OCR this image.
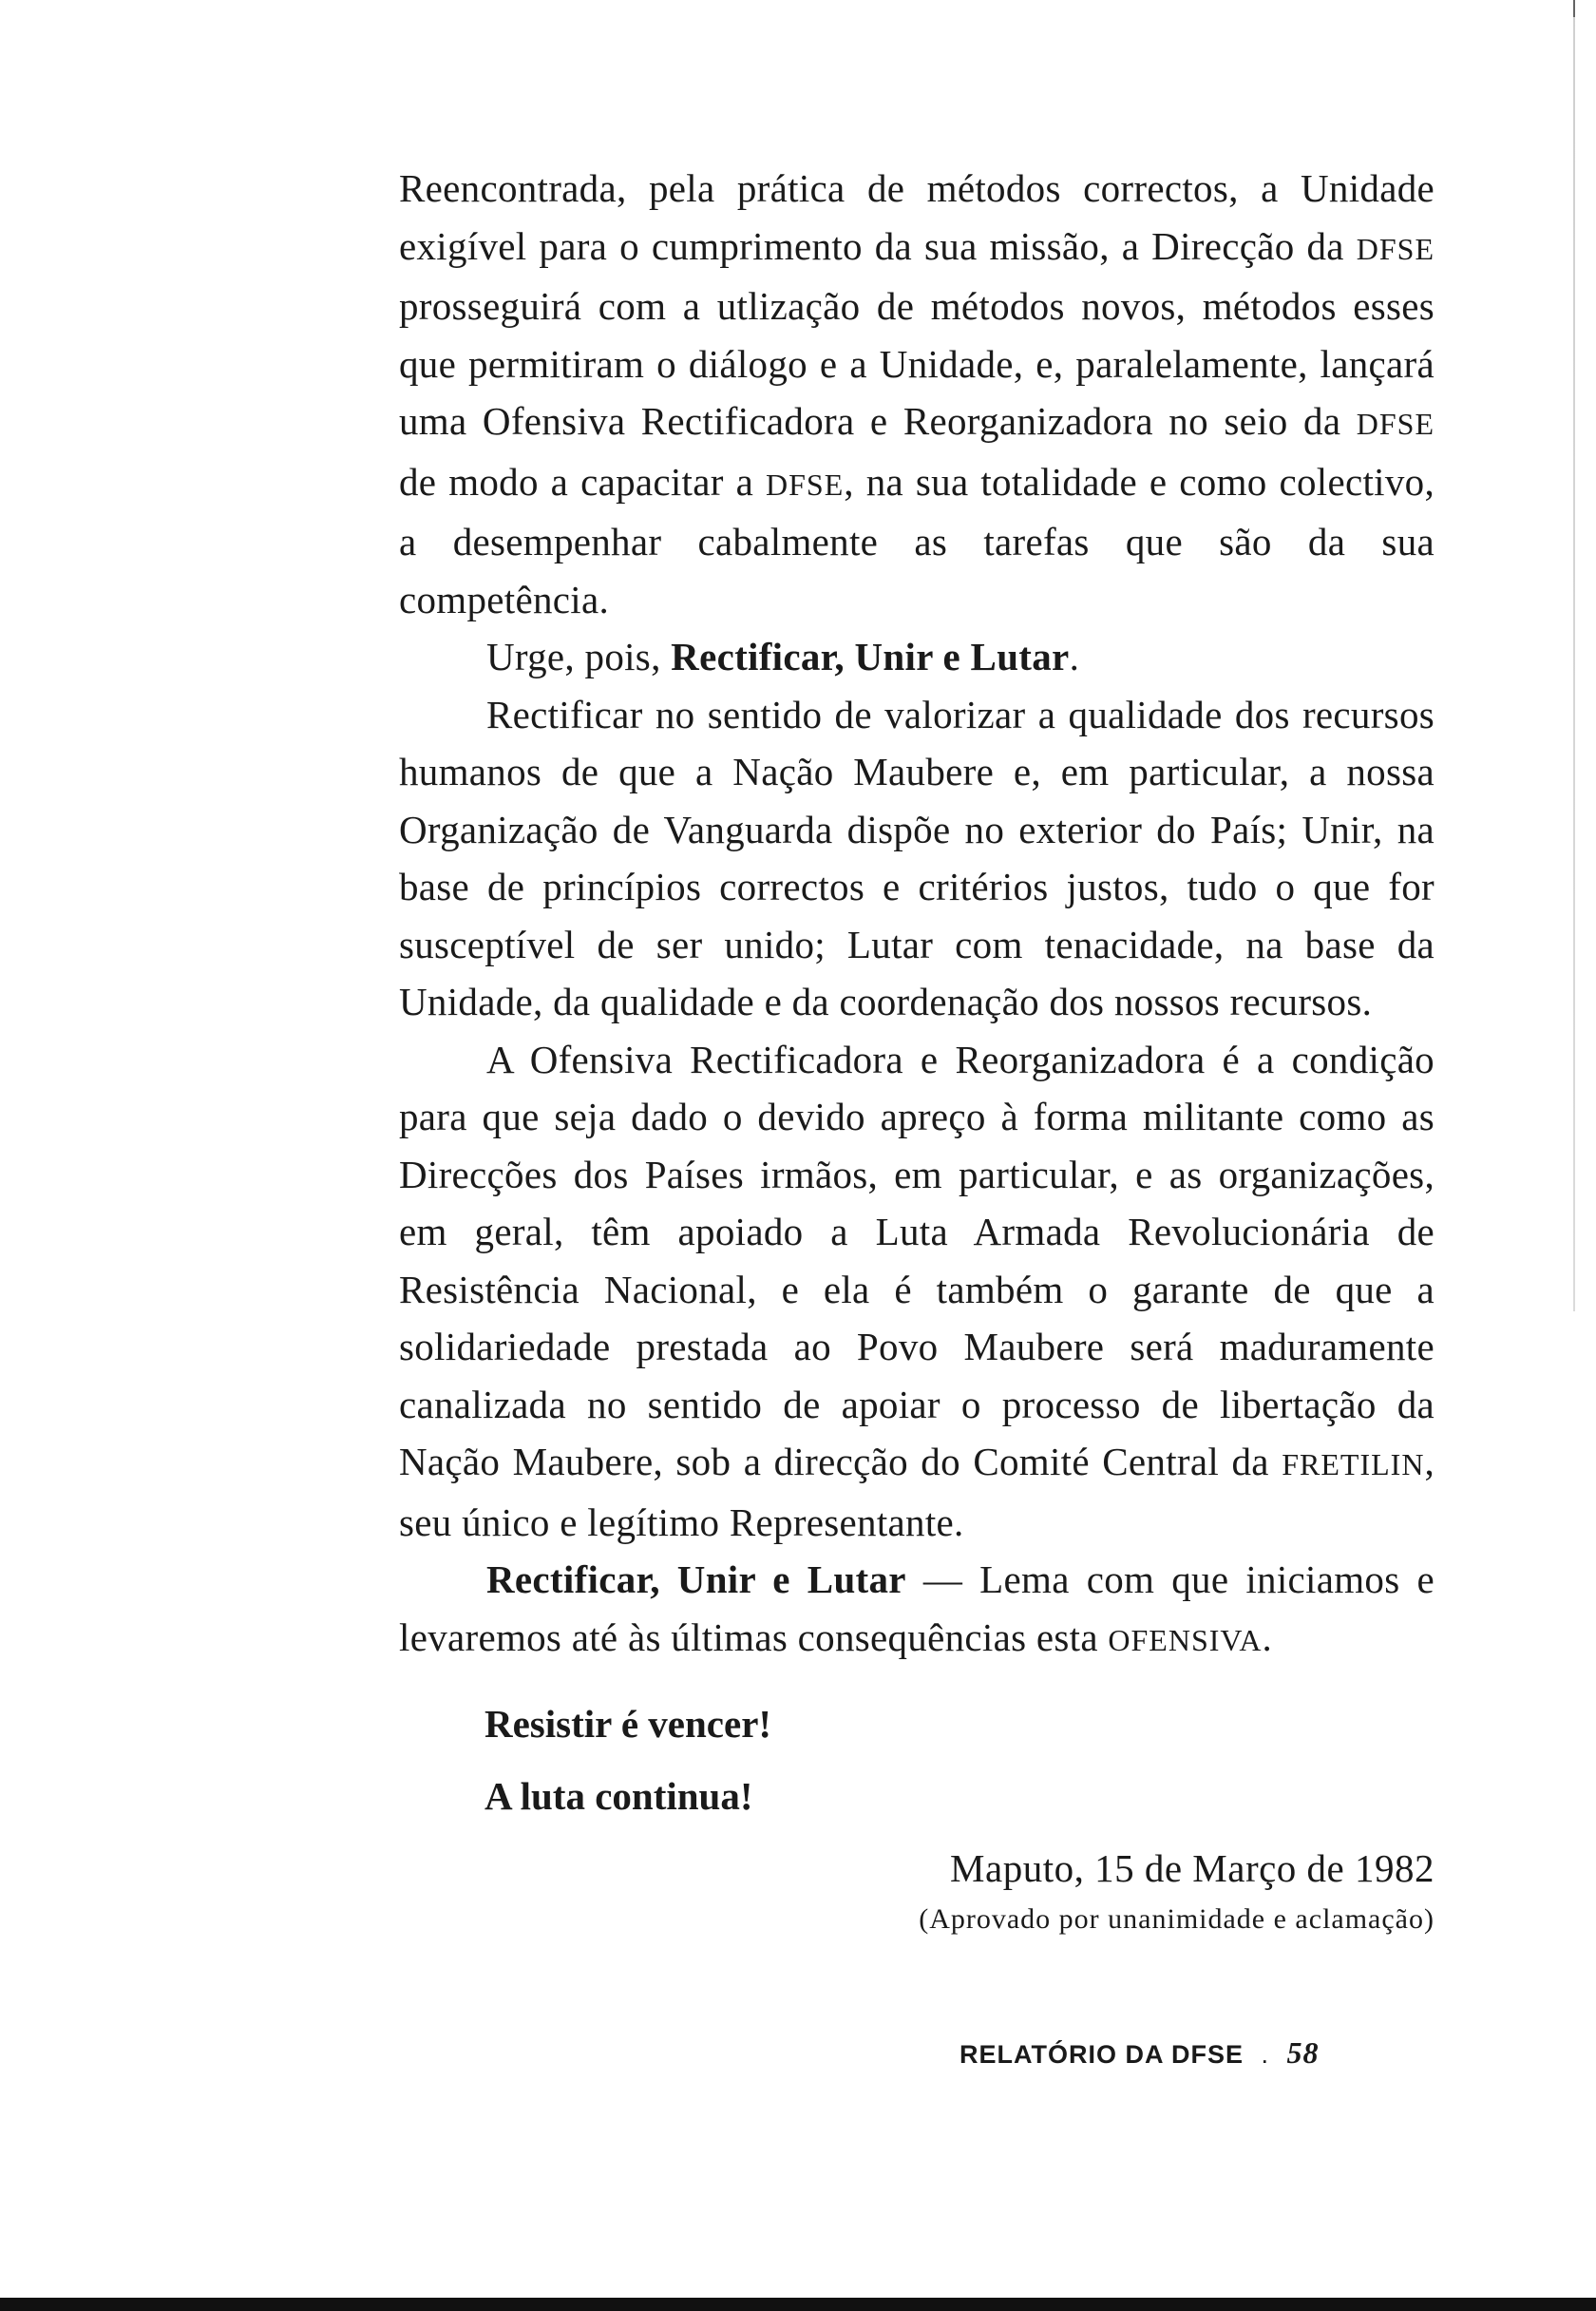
Reencontrada, pela prática de métodos correctos, a Unidade exigível para o cumprimento da sua missão, a Direcção da DFSE prosseguirá com a utlização de métodos novos, métodos esses que permitiram o diálogo e a Unidade, e, paralelamente, lançará uma Ofensiva Rectificadora e Reorganizadora no seio da DFSE de modo a capacitar a DFSE, na sua totalidade e como colectivo, a desempenhar cabalmente as tarefas que são da sua competência.

Urge, pois, Rectificar, Unir e Lutar.

Rectificar no sentido de valorizar a qualidade dos recursos humanos de que a Nação Maubere e, em particular, a nossa Organização de Vanguarda dispõe no exterior do País; Unir, na base de princípios correctos e critérios justos, tudo o que for susceptível de ser unido; Lutar com tenacidade, na base da Unidade, da qualidade e da coordenação dos nossos recursos.

A Ofensiva Rectificadora e Reorganizadora é a condição para que seja dado o devido apreço à forma militante como as Direcções dos Países irmãos, em particular, e as organizações, em geral, têm apoiado a Luta Armada Revolucionária de Resistência Nacional, e ela é também o garante de que a solidariedade prestada ao Povo Maubere será maduramente canalizada no sentido de apoiar o processo de libertação da Nação Maubere, sob a direcção do Comité Central da FRETILIN, seu único e legítimo Representante.

Rectificar, Unir e Lutar — Lema com que iniciamos e levaremos até às últimas consequências esta OFENSIVA.

Resistir é vencer!
A luta continua!
Maputo, 15 de Março de 1982
(Aprovado por unanimidade e aclamação)
RELATÓRIO DA DFSE . 58
